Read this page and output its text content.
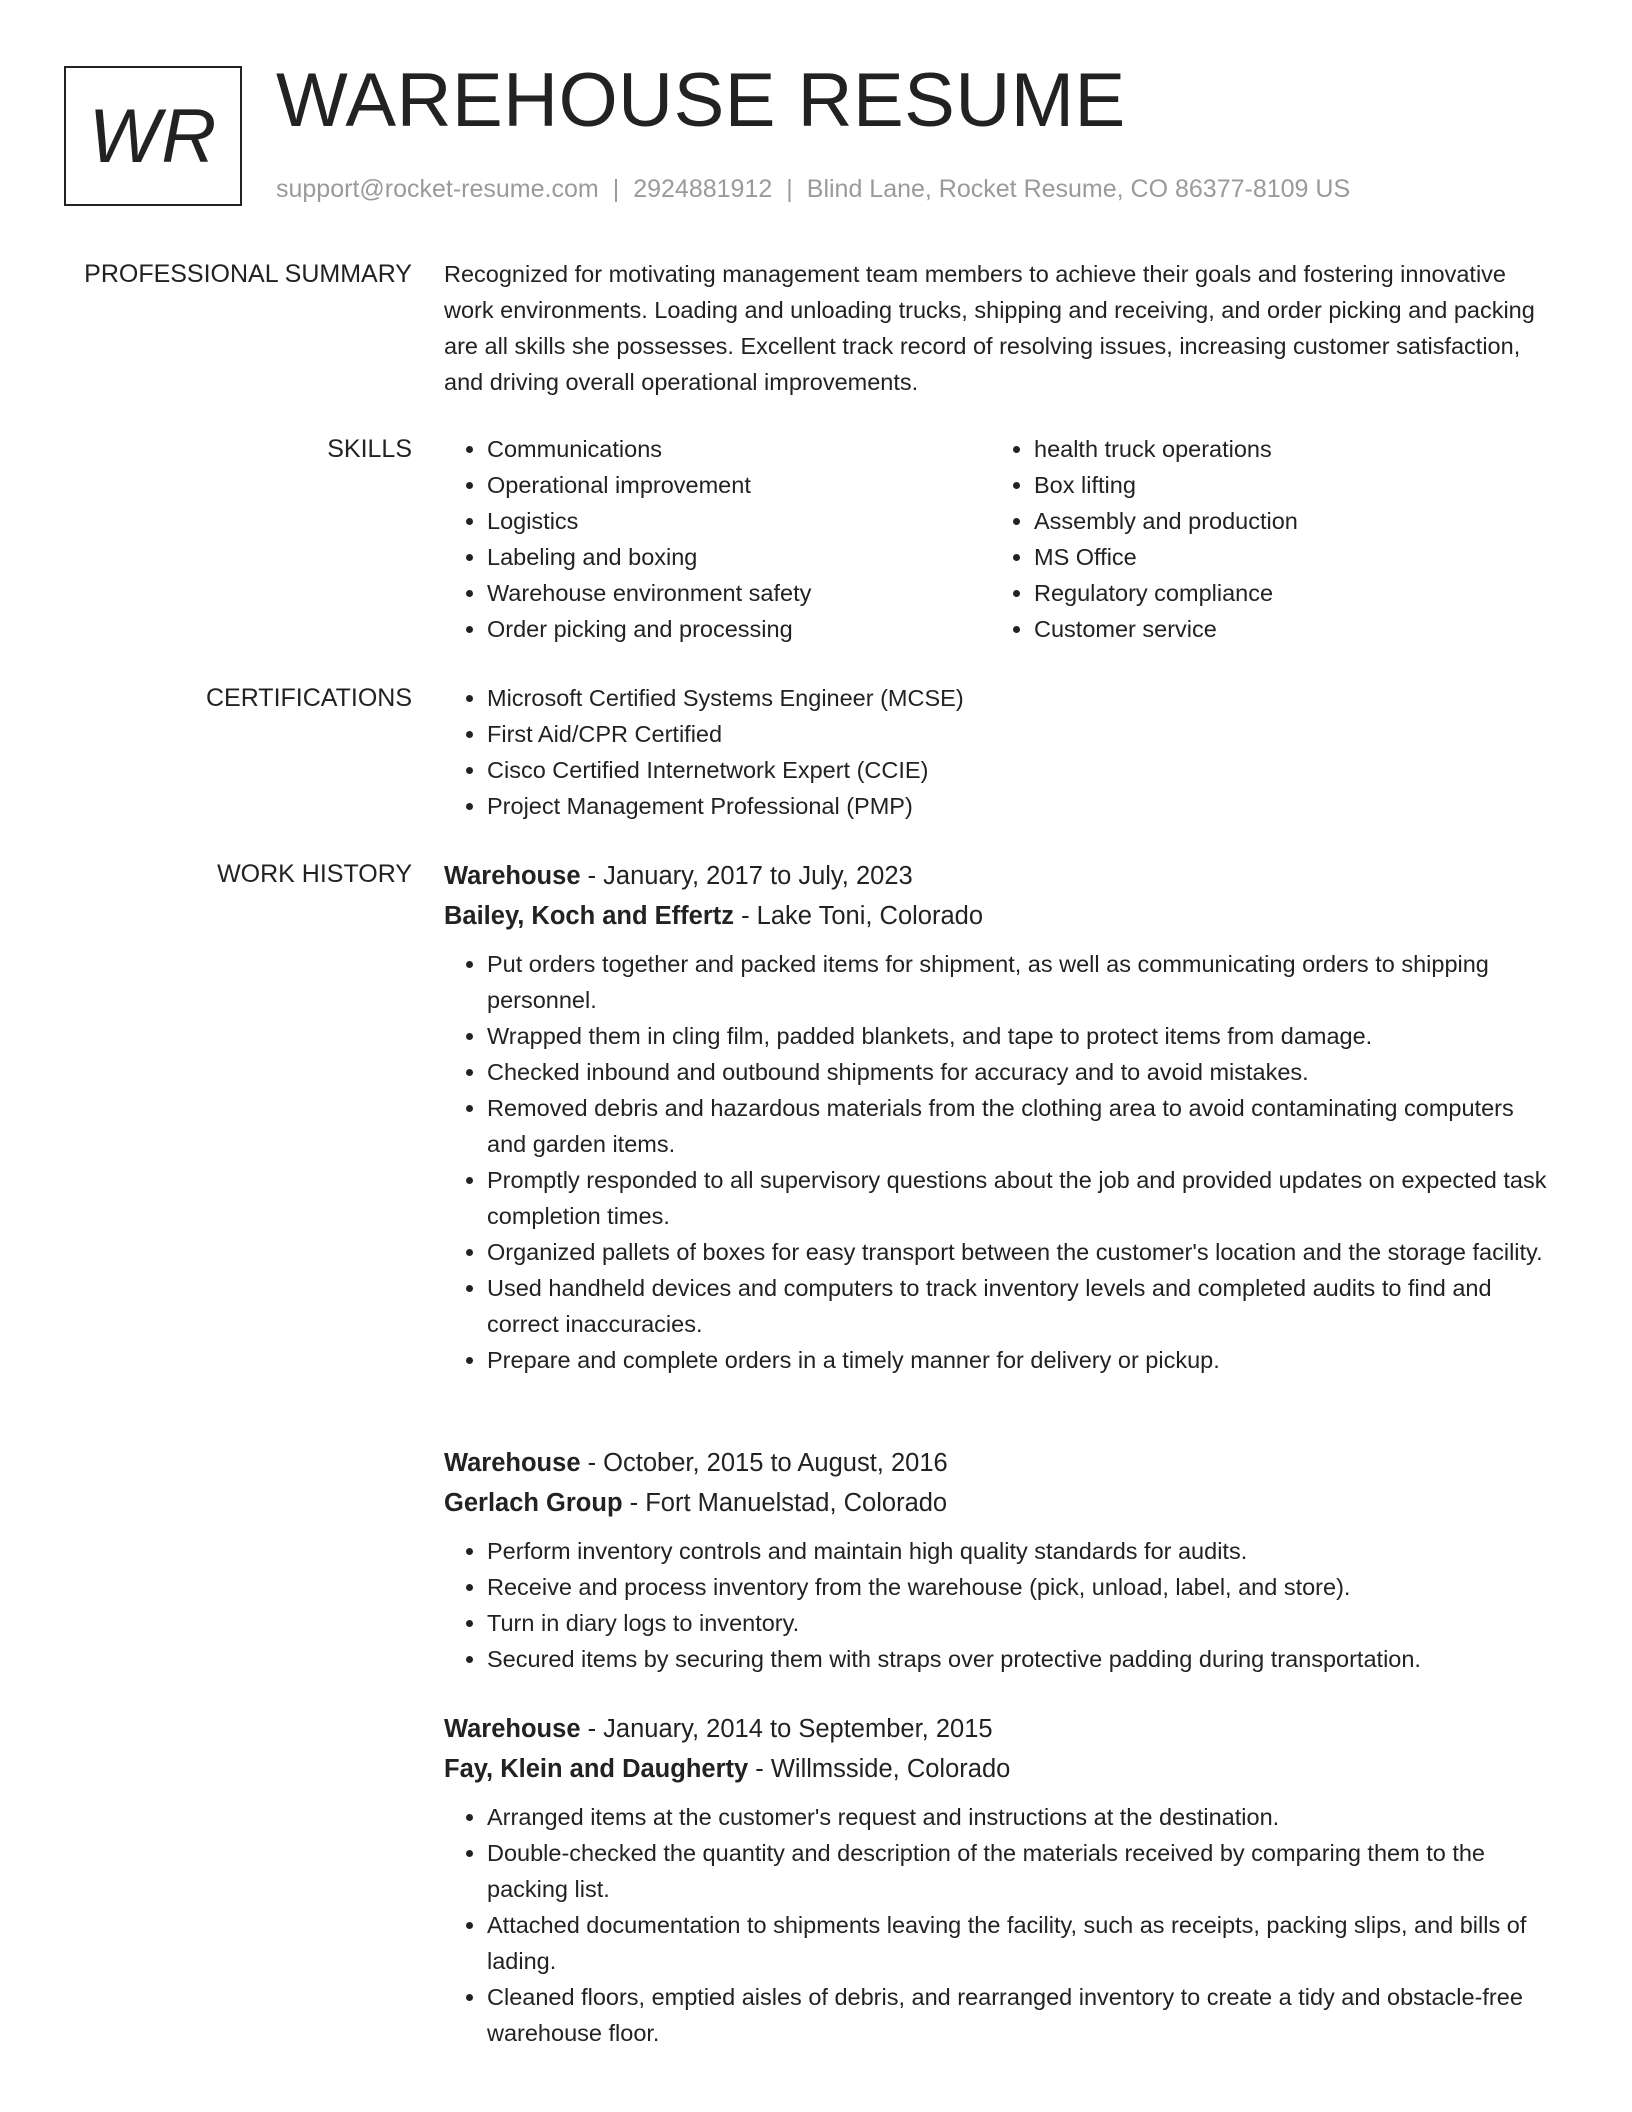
WR WAREHOUSE RESUME
support@rocket-resume.com | 2924881912 | Blind Lane, Rocket Resume, CO 86377-8109 US
PROFESSIONAL SUMMARY Recognized for motivating management team members to achieve their goals and fostering innovative work environments. Loading and unloading trucks, shipping and receiving, and order picking and packing are all skills she possesses. Excellent track record of resolving issues, increasing customer satisfaction, and driving overall operational improvements.
SKILLS	• Communications
• Operational improvement
• Logistics
• Labeling and boxing
• Warehouse environment safety
• Order picking and processing
• health truck operations
• Box lifting
• Assembly and production
• MS Office
• Regulatory compliance
• Customer service
CERTIFICATIONS	• Microsoft Certified Systems Engineer (MCSE)
• First Aid/CPR Certified
• Cisco Certified Internetwork Expert (CCIE)
• Project Management Professional (PMP)
WORK HISTORY Warehouse - January, 2017 to July, 2023
Bailey, Koch and Effertz - Lake Toni, Colorado
• Put orders together and packed items for shipment, as well as communicating orders to shipping personnel.
• Wrapped them in cling film, padded blankets, and tape to protect items from damage.
• Checked inbound and outbound shipments for accuracy and to avoid mistakes.
• Removed debris and hazardous materials from the clothing area to avoid contaminating computers and garden items.
• Promptly responded to all supervisory questions about the job and provided updates on expected task completion times.
• Organized pallets of boxes for easy transport between the customer's location and the storage facility.
• Used handheld devices and computers to track inventory levels and completed audits to find and correct inaccuracies.
• Prepare and complete orders in a timely manner for delivery or pickup.
Warehouse - October, 2015 to August, 2016
Gerlach Group - Fort Manuelstad, Colorado
• Perform inventory controls and maintain high quality standards for audits.
• Receive and process inventory from the warehouse (pick, unload, label, and store).
• Turn in diary logs to inventory.
• Secured items by securing them with straps over protective padding during transportation.
Warehouse - January, 2014 to September, 2015
Fay, Klein and Daugherty - Willmsside, Colorado
• Arranged items at the customer's request and instructions at the destination.
• Double-checked the quantity and description of the materials received by comparing them to the packing list.
• Attached documentation to shipments leaving the facility, such as receipts, packing slips, and bills of lading.
• Cleaned floors, emptied aisles of debris, and rearranged inventory to create a tidy and obstacle-free warehouse floor.
